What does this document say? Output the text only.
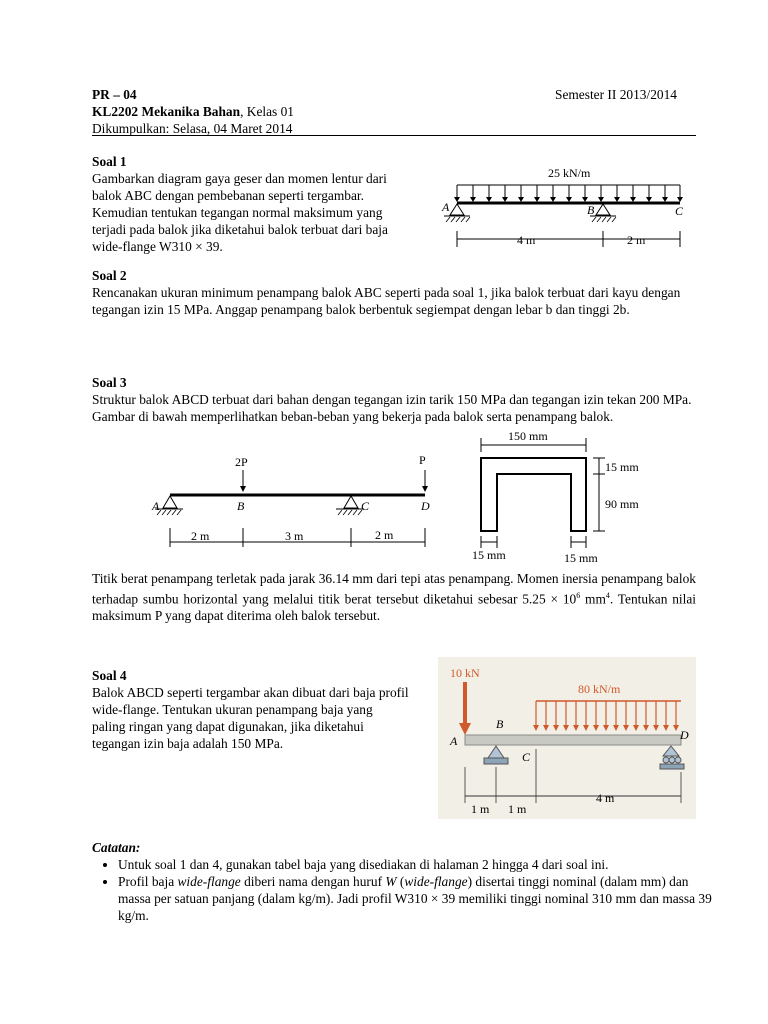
PR – 04	Semester II 2013/2014
KL2202 Mekanika Bahan, Kelas 01
Dikumpulkan: Selasa, 04 Maret 2014
Soal 1
Gambarkan diagram gaya geser dan momen lentur dari
balok ABC dengan pembebanan seperti tergambar.
Kemudian tentukan tegangan normal maksimum yang
terjadi pada balok jika diketahui balok terbuat dari baja
wide-flange W310 × 39.
25 kN/m
A	B	C
4 m	2 m
Soal 2

Rencanakan ukuran minimum penampang balok ABC seperti pada soal 1, jika balok terbuat dari kayu dengan tegangan izin 15 MPa. Anggap penampang balok berbentuk segiempat dengan lebar b dan tinggi 2b.

Soal 3

Struktur balok ABCD terbuat dari bahan dengan tegangan izin tarik 150 MPa dan tegangan izin tekan 200 MPa. Gambar di bawah memperlihatkan beban-beban yang bekerja pada balok serta penampang balok.

2P	P
A	B	C	D
2 m	3 m	2 m
150 mm
15 mm
90 mm
15 mm	15 mm

Titik berat penampang terletak pada jarak 36.14 mm dari tepi atas penampang. Momen inersia penampang balok terhadap sumbu horizontal yang melalui titik berat tersebut diketahui sebesar $5.25 \times 10^6$ $mm^4$. Tentukan nilai maksimum P yang dapat diterima oleh balok tersebut.

Soal 4
Balok ABCD seperti tergambar akan dibuat dari baja profil
wide-flange. Tentukan ukuran penampang baja yang
paling ringan yang dapat digunakan, jika diketahui
tegangan izin baja adalah 150 MPa.
10 kN
80 kN/m
A
B
C
D
1 m 1 m
4 m
Catatan:
• Untuk soal 1 dan 4, gunakan tabel baja yang disediakan di halaman 2 hingga 4 dari soal ini.
• Profil baja wide-flange diberi nama dengan huruf W (wide-flange) disertai tinggi nominal (dalam mm) dan massa per satuan panjang (dalam kg/m). Jadi profil W310 × 39 memiliki tinggi nominal 310 mm dan massa 39 kg/m.
